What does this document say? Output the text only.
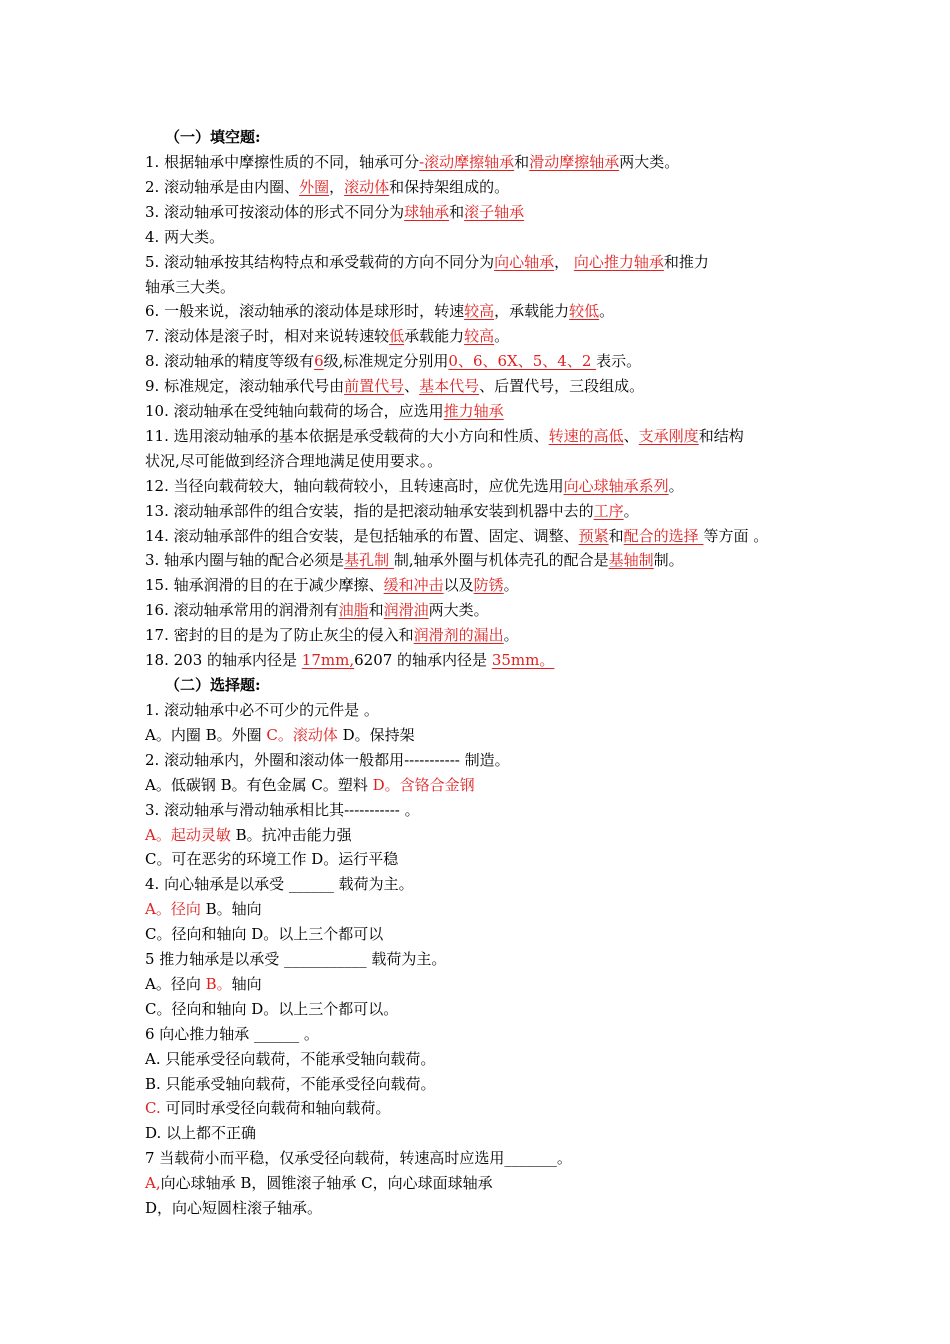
（一）填空题:
1. 根据轴承中摩擦性质的不同，轴承可分-滚动摩擦轴承和滑动摩擦轴承两大类。
2. 滚动轴承是由内圈、外圈，滚动体和保持架组成的。
3. 滚动轴承可按滚动体的形式不同分为球轴承和滚子轴承
4. 两大类。
5. 滚动轴承按其结构特点和承受载荷的方向不同分为向心轴承， 向心推力轴承和推力
轴承三大类。
6. 一般来说，滚动轴承的滚动体是球形时，转速较高，承载能力较低。
7. 滚动体是滚子时，相对来说转速较低承载能力较高。
8. 滚动轴承的精度等级有6级,标准规定分别用0、6、6X、5、4、2 表示。
9. 标准规定，滚动轴承代号由前置代号、基本代号、后置代号，三段组成。
10. 滚动轴承在受纯轴向载荷的场合，应选用推力轴承
11. 选用滚动轴承的基本依据是承受载荷的大小方向和性质、转速的高低、支承刚度和结构
状况,尽可能做到经济合理地满足使用要求。。
12. 当径向载荷较大，轴向载荷较小，且转速高时，应优先选用向心球轴承系列。
13. 滚动轴承部件的组合安装，指的是把滚动轴承安装到机器中去的工序。
14. 滚动轴承部件的组合安装，是包括轴承的布置、固定、调整、预紧和配合的选择 等方面 。
3. 轴承内圈与轴的配合必须是基孔制 制,轴承外圈与机体壳孔的配合是基轴制制。
15. 轴承润滑的目的在于减少摩擦、缓和冲击以及防锈。
16. 滚动轴承常用的润滑剂有油脂和润滑油两大类。
17. 密封的目的是为了防止灰尘的侵入和润滑剂的漏出。
18. 203 的轴承内径是 17mm,6207 的轴承内径是 35mm。
（二）选择题:
1. 滚动轴承中必不可少的元件是 。
A。内圈 B。外圈 C。滚动体 D。保持架
2. 滚动轴承内，外圈和滚动体一般都用----------- 制造。
A。低碳钢 B。有色金属 C。塑料 D。含铬合金钢
3. 滚动轴承与滑动轴承相比其----------- 。
A。起动灵敏 B。抗冲击能力强
C。可在恶劣的环境工作 D。运行平稳
4. 向心轴承是以承受 ______ 载荷为主。
A。径向 B。轴向
C。径向和轴向 D。以上三个都可以
5 推力轴承是以承受 ___________ 载荷为主。
A。径向 B。轴向
C。径向和轴向 D。以上三个都可以。
6 向心推力轴承 ______ 。
A. 只能承受径向载荷，不能承受轴向载荷。
B. 只能承受轴向载荷，不能承受径向载荷。
C. 可同时承受径向载荷和轴向载荷。
D. 以上都不正确
7 当载荷小而平稳，仅承受径向载荷，转速高时应选用_______。
A,向心球轴承 B，圆锥滚子轴承 C，向心球面球轴承
D，向心短圆柱滚子轴承。
